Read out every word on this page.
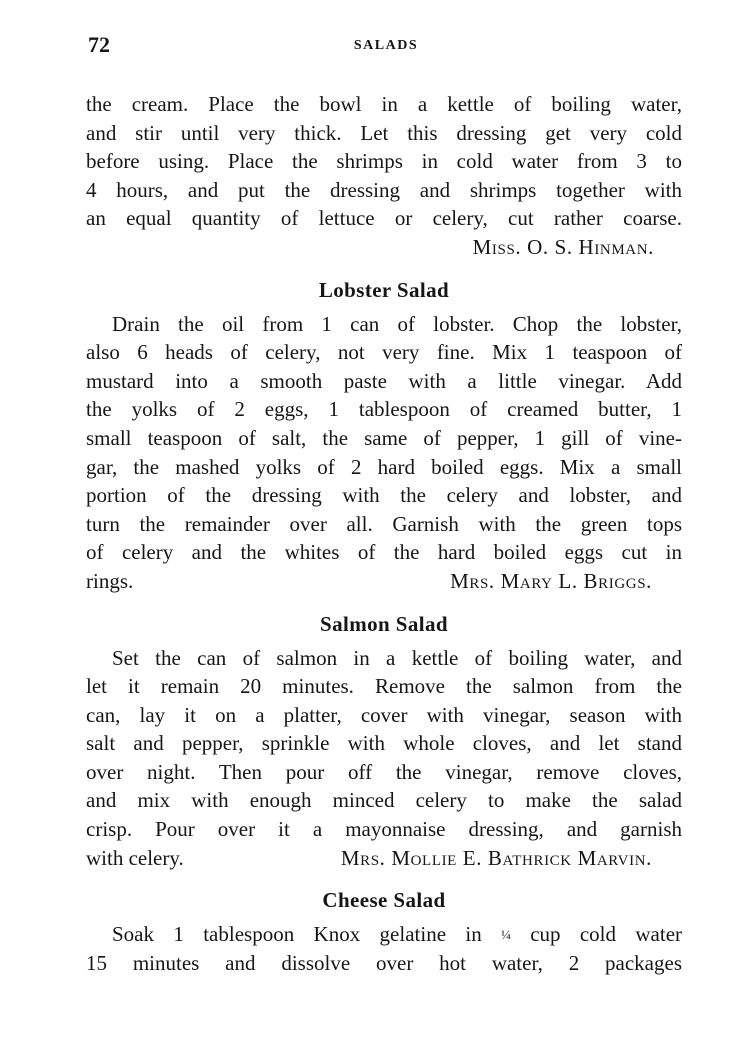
72	SALADS
the cream. Place the bowl in a kettle of boiling water,
and stir until very thick. Let this dressing get very cold
before using. Place the shrimps in cold water from 3 to
4 hours, and put the dressing and shrimps together with
an equal quantity of lettuce or celery, cut rather coarse.
Miss. O. S. Hinman.
Lobster Salad
Drain the oil from 1 can of lobster. Chop the lobster,
also 6 heads of celery, not very fine. Mix 1 teaspoon of
mustard into a smooth paste with a little vinegar. Add
the yolks of 2 eggs, 1 tablespoon of creamed butter, 1
small teaspoon of salt, the same of pepper, 1 gill of vine-
gar, the mashed yolks of 2 hard boiled eggs. Mix a small
portion of the dressing with the celery and lobster, and
turn the remainder over all. Garnish with the green tops
of celery and the whites of the hard boiled eggs cut in
rings.	Mrs. Mary L. Briggs.
Salmon Salad
Set the can of salmon in a kettle of boiling water, and
let it remain 20 minutes. Remove the salmon from the
can, lay it on a platter, cover with vinegar, season with
salt and pepper, sprinkle with whole cloves, and let stand
over night. Then pour off the vinegar, remove cloves,
and mix with enough minced celery to make the salad
crisp. Pour over it a mayonnaise dressing, and garnish
with celery.	Mrs. Mollie E. Bathrick Marvin.
Cheese Salad
Soak 1 tablespoon Knox gelatine in ¼ cup cold water
15 minutes and dissolve over hot water, 2 packages
